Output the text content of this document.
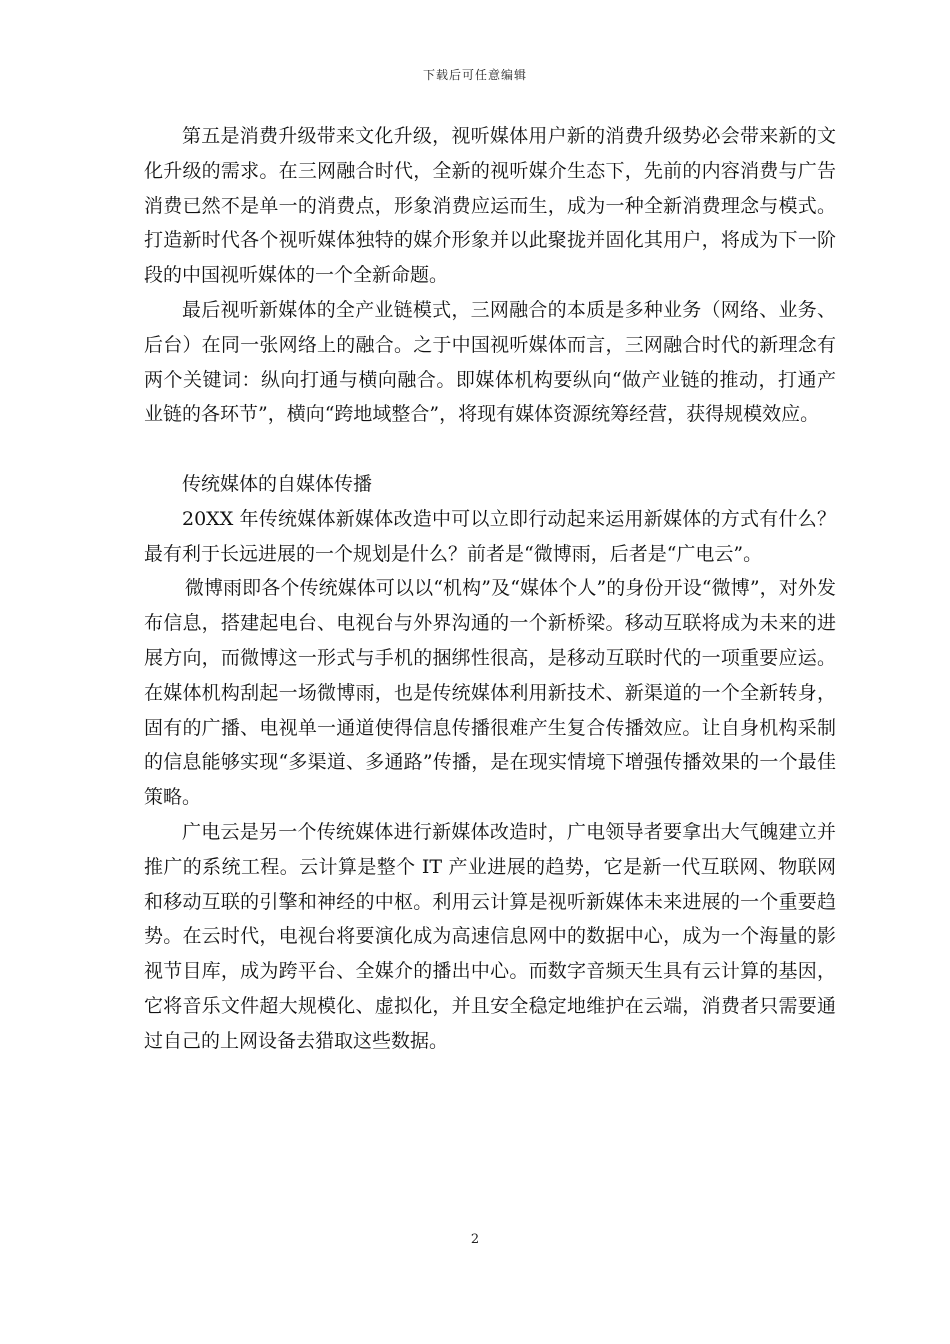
下载后可任意编辑

第五是消费升级带来文化升级，视听媒体用户新的消费升级势必会带来新的文化升级的需求。在三网融合时代，全新的视听媒介生态下，先前的内容消费与广告消费已然不是单一的消费点，形象消费应运而生，成为一种全新消费理念与模式。打造新时代各个视听媒体独特的媒介形象并以此聚拢并固化其用户，将成为下一阶段的中国视听媒体的一个全新命题。

最后视听新媒体的全产业链模式，三网融合的本质是多种业务（网络、业务、后台）在同一张网络上的融合。之于中国视听媒体而言，三网融合时代的新理念有两个关键词：纵向打通与横向融合。即媒体机构要纵向“做产业链的推动，打通产业链的各环节”，横向“跨地域整合”，将现有媒体资源统筹经营，获得规模效应。

传统媒体的自媒体传播

20XX 年传统媒体新媒体改造中可以立即行动起来运用新媒体的方式有什么？最有利于长远进展的一个规划是什么？前者是“微博雨，后者是“广电云”。

微博雨即各个传统媒体可以以“机构”及“媒体个人”的身份开设“微博”，对外发布信息，搭建起电台、电视台与外界沟通的一个新桥梁。移动互联将成为未来的进展方向，而微博这一形式与手机的捆绑性很高，是移动互联时代的一项重要应运。在媒体机构刮起一场微博雨，也是传统媒体利用新技术、新渠道的一个全新转身，固有的广播、电视单一通道使得信息传播很难产生复合传播效应。让自身机构采制的信息能够实现“多渠道、多通路”传播，是在现实情境下增强传播效果的一个最佳策略。

广电云是另一个传统媒体进行新媒体改造时，广电领导者要拿出大气魄建立并推广的系统工程。云计算是整个 IT 产业进展的趋势，它是新一代互联网、物联网和移动互联的引擎和神经的中枢。利用云计算是视听新媒体未来进展的一个重要趋势。在云时代，电视台将要演化成为高速信息网中的数据中心，成为一个海量的影视节目库，成为跨平台、全媒介的播出中心。而数字音频天生具有云计算的基因，它将音乐文件超大规模化、虚拟化，并且安全稳定地维护在云端，消费者只需要通过自己的上网设备去猎取这些数据。

2
